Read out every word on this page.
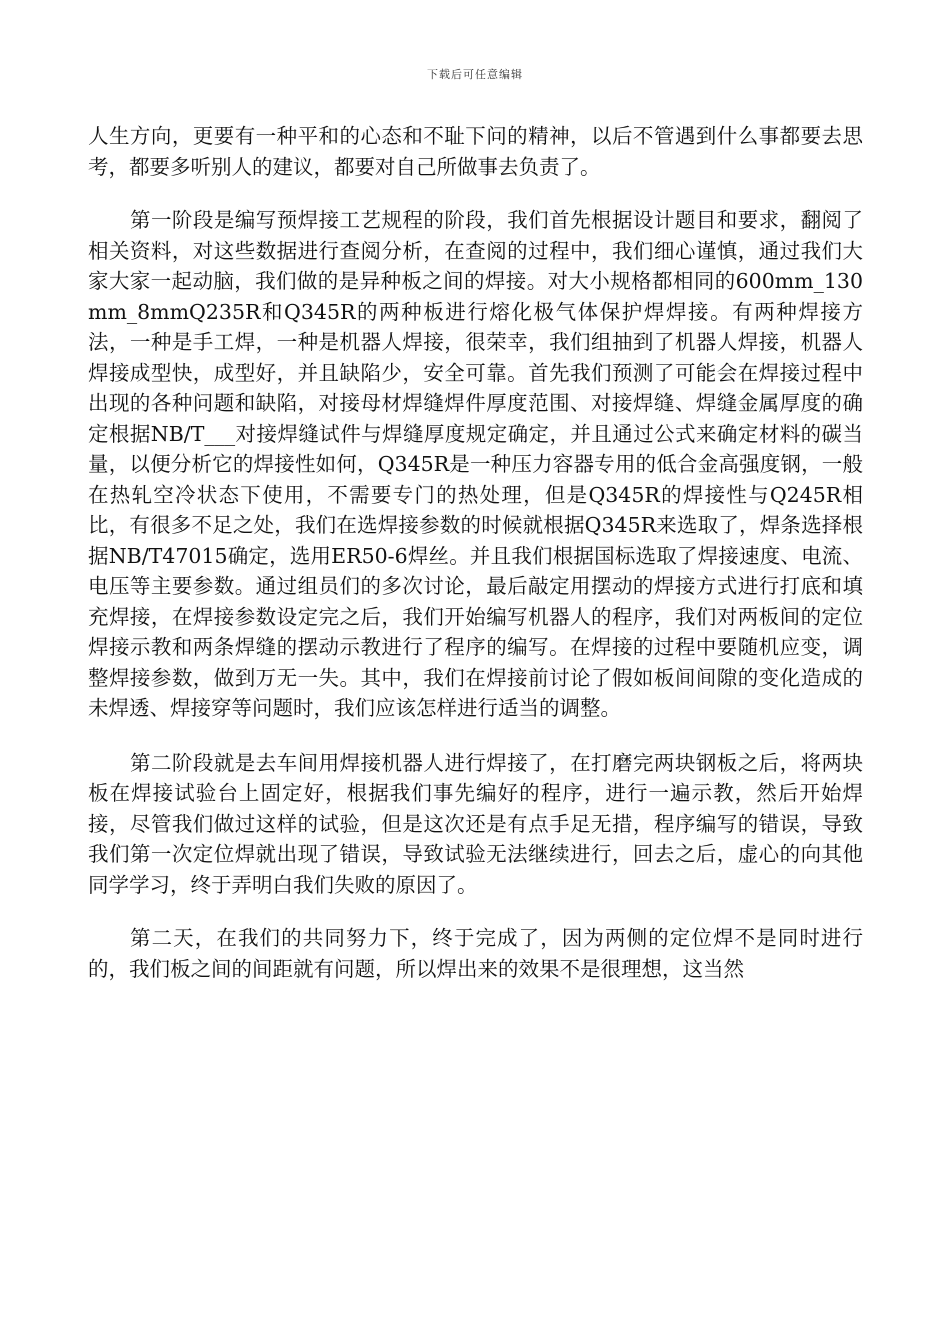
下载后可任意编辑

人生方向，更要有一种平和的心态和不耻下问的精神，以后不管遇到什么事都要去思考，都要多听别人的建议，都要对自己所做事去负责了。

第一阶段是编写预焊接工艺规程的阶段，我们首先根据设计题目和要求，翻阅了相关资料，对这些数据进行查阅分析，在查阅的过程中，我们细心谨慎，通过我们大家大家一起动脑，我们做的是异种板之间的焊接。对大小规格都相同的600mm_130mm_8mmQ235R和Q345R的两种板进行熔化极气体保护焊焊接。有两种焊接方法，一种是手工焊，一种是机器人焊接，很荣幸，我们组抽到了机器人焊接，机器人焊接成型快，成型好，并且缺陷少，安全可靠。首先我们预测了可能会在焊接过程中出现的各种问题和缺陷，对接母材焊缝焊件厚度范围、对接焊缝、焊缝金属厚度的确定根据NB/T___对接焊缝试件与焊缝厚度规定确定，并且通过公式来确定材料的碳当量，以便分析它的焊接性如何，Q345R是一种压力容器专用的低合金高强度钢，一般在热轧空冷状态下使用，不需要专门的热处理，但是Q345R的焊接性与Q245R相比，有很多不足之处，我们在选焊接参数的时候就根据Q345R来选取了，焊条选择根据NB/T47015确定，选用ER50-6焊丝。并且我们根据国标选取了焊接速度、电流、电压等主要参数。通过组员们的多次讨论，最后敲定用摆动的焊接方式进行打底和填充焊接，在焊接参数设定完之后，我们开始编写机器人的程序，我们对两板间的定位焊接示教和两条焊缝的摆动示教进行了程序的编写。在焊接的过程中要随机应变，调整焊接参数，做到万无一失。其中，我们在焊接前讨论了假如板间间隙的变化造成的未焊透、焊接穿等问题时，我们应该怎样进行适当的调整。

第二阶段就是去车间用焊接机器人进行焊接了，在打磨完两块钢板之后，将两块板在焊接试验台上固定好，根据我们事先编好的程序，进行一遍示教，然后开始焊接，尽管我们做过这样的试验，但是这次还是有点手足无措，程序编写的错误，导致我们第一次定位焊就出现了错误，导致试验无法继续进行，回去之后，虚心的向其他同学学习，终于弄明白我们失败的原因了。

第二天，在我们的共同努力下，终于完成了，因为两侧的定位焊不是同时进行的，我们板之间的间距就有问题，所以焊出来的效果不是很理想，这当然
